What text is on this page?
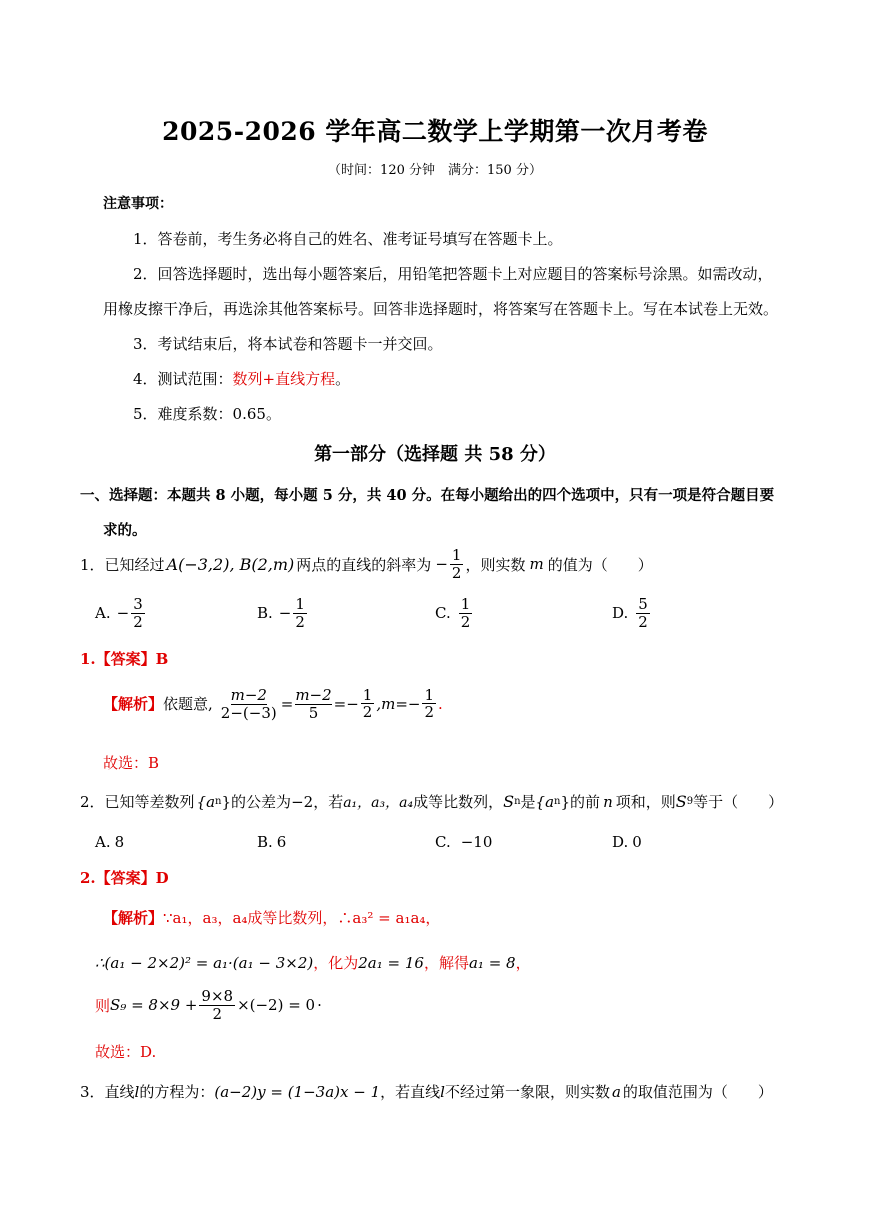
2025-2026 学年高二数学上学期第一次月考卷
（时间：120 分钟　满分：150 分）
注意事项：
1．答卷前，考生务必将自己的姓名、准考证号填写在答题卡上。
2．回答选择题时，选出每小题答案后，用铅笔把答题卡上对应题目的答案标号涂黑。如需改动，
用橡皮擦干净后，再选涂其他答案标号。回答非选择题时，将答案写在答题卡上。写在本试卷上无效。
3．考试结束后，将本试卷和答题卡一并交回。
4．测试范围：数列+直线方程。
5．难度系数：0.65。
第一部分（选择题 共 58 分）
一、选择题：本题共 8 小题，每小题 5 分，共 40 分。在每小题给出的四个选项中，只有一项是符合题目要
求的。
1．已知经过 A(−3,2), B(2,m) 两点的直线的斜率为 − $\frac{1}{2}$ ，则实数 m 的值为（　　）
A. − $\frac{3}{2}$	B. − $\frac{1}{2}$	C. $\frac{1}{2}$	D. $\frac{5}{2}$
1.【答案】B
【解析】 依题意, $\frac{m-2}{2-(-3)} = \frac{m-2}{5} =- \frac{1}{2} ,m=- \frac{1}{2}$ .
故选：B
2．已知等差数列 {a n } 的公差为 −2 ，若 a₁，a₃，a₄ 成等比数列， S n 是 {a n } 的前 n 项和，则 S 9 等于（　　）
A. 8	B. 6	C. −10	D. 0
2.【答案】D
【解析】∵a₁，a₃，a₄成等比数列，∴a₃² = a₁a₄，
∴(a₁ − 2×2)² = a₁·(a₁ − 3×2)，化为2a₁ = 16，解得a₁ = 8，
则 $S_9 = 8\times 9 + \frac{9\times 8}{2} \times(-2) = 0$ ·
故选：D.
3．直线l的方程为：(a−2)y = (1−3a)x − 1，若直线l不经过第一象限，则实数 a 的取值范围为（　　）
